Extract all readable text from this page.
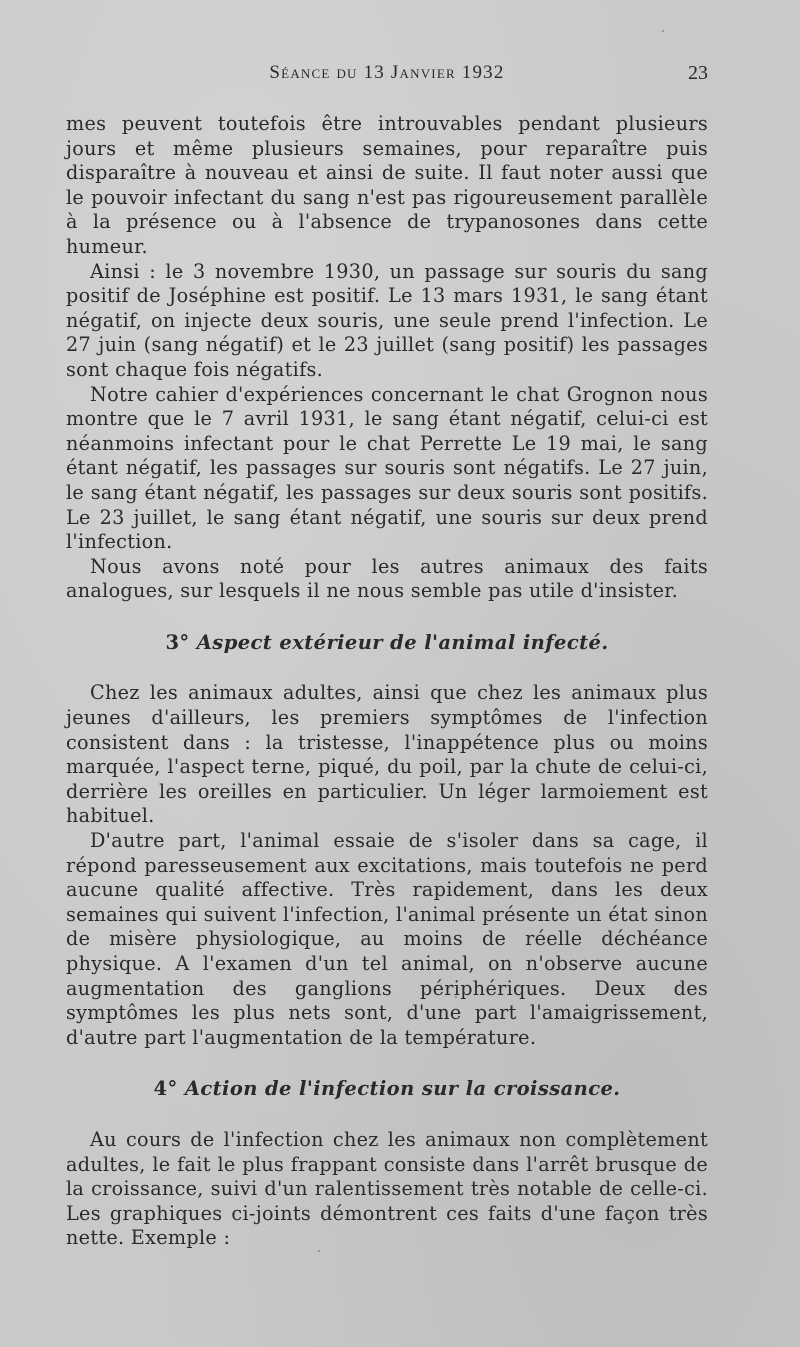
Séance du 13 Janvier 1932	23

mes peuvent toutefois être introuvables pendant plusieurs jours et même plusieurs semaines, pour reparaître puis disparaître à nouveau et ainsi de suite. Il faut noter aussi que le pouvoir infectant du sang n'est pas rigoureusement parallèle à la présence ou à l'absence de trypanosones dans cette humeur.

Ainsi : le 3 novembre 1930, un passage sur souris du sang positif de Joséphine est positif. Le 13 mars 1931, le sang étant négatif, on injecte deux souris, une seule prend l'infection. Le 27 juin (sang négatif) et le 23 juillet (sang positif) les passages sont chaque fois négatifs.

Notre cahier d'expériences concernant le chat Grognon nous montre que le 7 avril 1931, le sang étant négatif, celui-ci est néanmoins infectant pour le chat Perrette Le 19 mai, le sang étant négatif, les passages sur souris sont négatifs. Le 27 juin, le sang étant négatif, les passages sur deux souris sont positifs. Le 23 juillet, le sang étant négatif, une souris sur deux prend l'infection.

Nous avons noté pour les autres animaux des faits analogues, sur lesquels il ne nous semble pas utile d'insister.

3° Aspect extérieur de l'animal infecté.

Chez les animaux adultes, ainsi que chez les animaux plus jeunes d'ailleurs, les premiers symptômes de l'infection consistent dans : la tristesse, l'inappétence plus ou moins marquée, l'aspect terne, piqué, du poil, par la chute de celui-ci, derrière les oreilles en particulier. Un léger larmoiement est habituel.

D'autre part, l'animal essaie de s'isoler dans sa cage, il répond paresseusement aux excitations, mais toutefois ne perd aucune qualité affective. Très rapidement, dans les deux semaines qui suivent l'infection, l'animal présente un état sinon de misère physiologique, au moins de réelle déchéance physique. A l'examen d'un tel animal, on n'observe aucune augmentation des ganglions périphériques. Deux des symptômes les plus nets sont, d'une part l'amaigrissement, d'autre part l'augmentation de la température.

4° Action de l'infection sur la croissance.

Au cours de l'infection chez les animaux non complètement adultes, le fait le plus frappant consiste dans l'arrêt brusque de la croissance, suivi d'un ralentissement très notable de celle-ci. Les graphiques ci-joints démontrent ces faits d'une façon très nette. Exemple :
